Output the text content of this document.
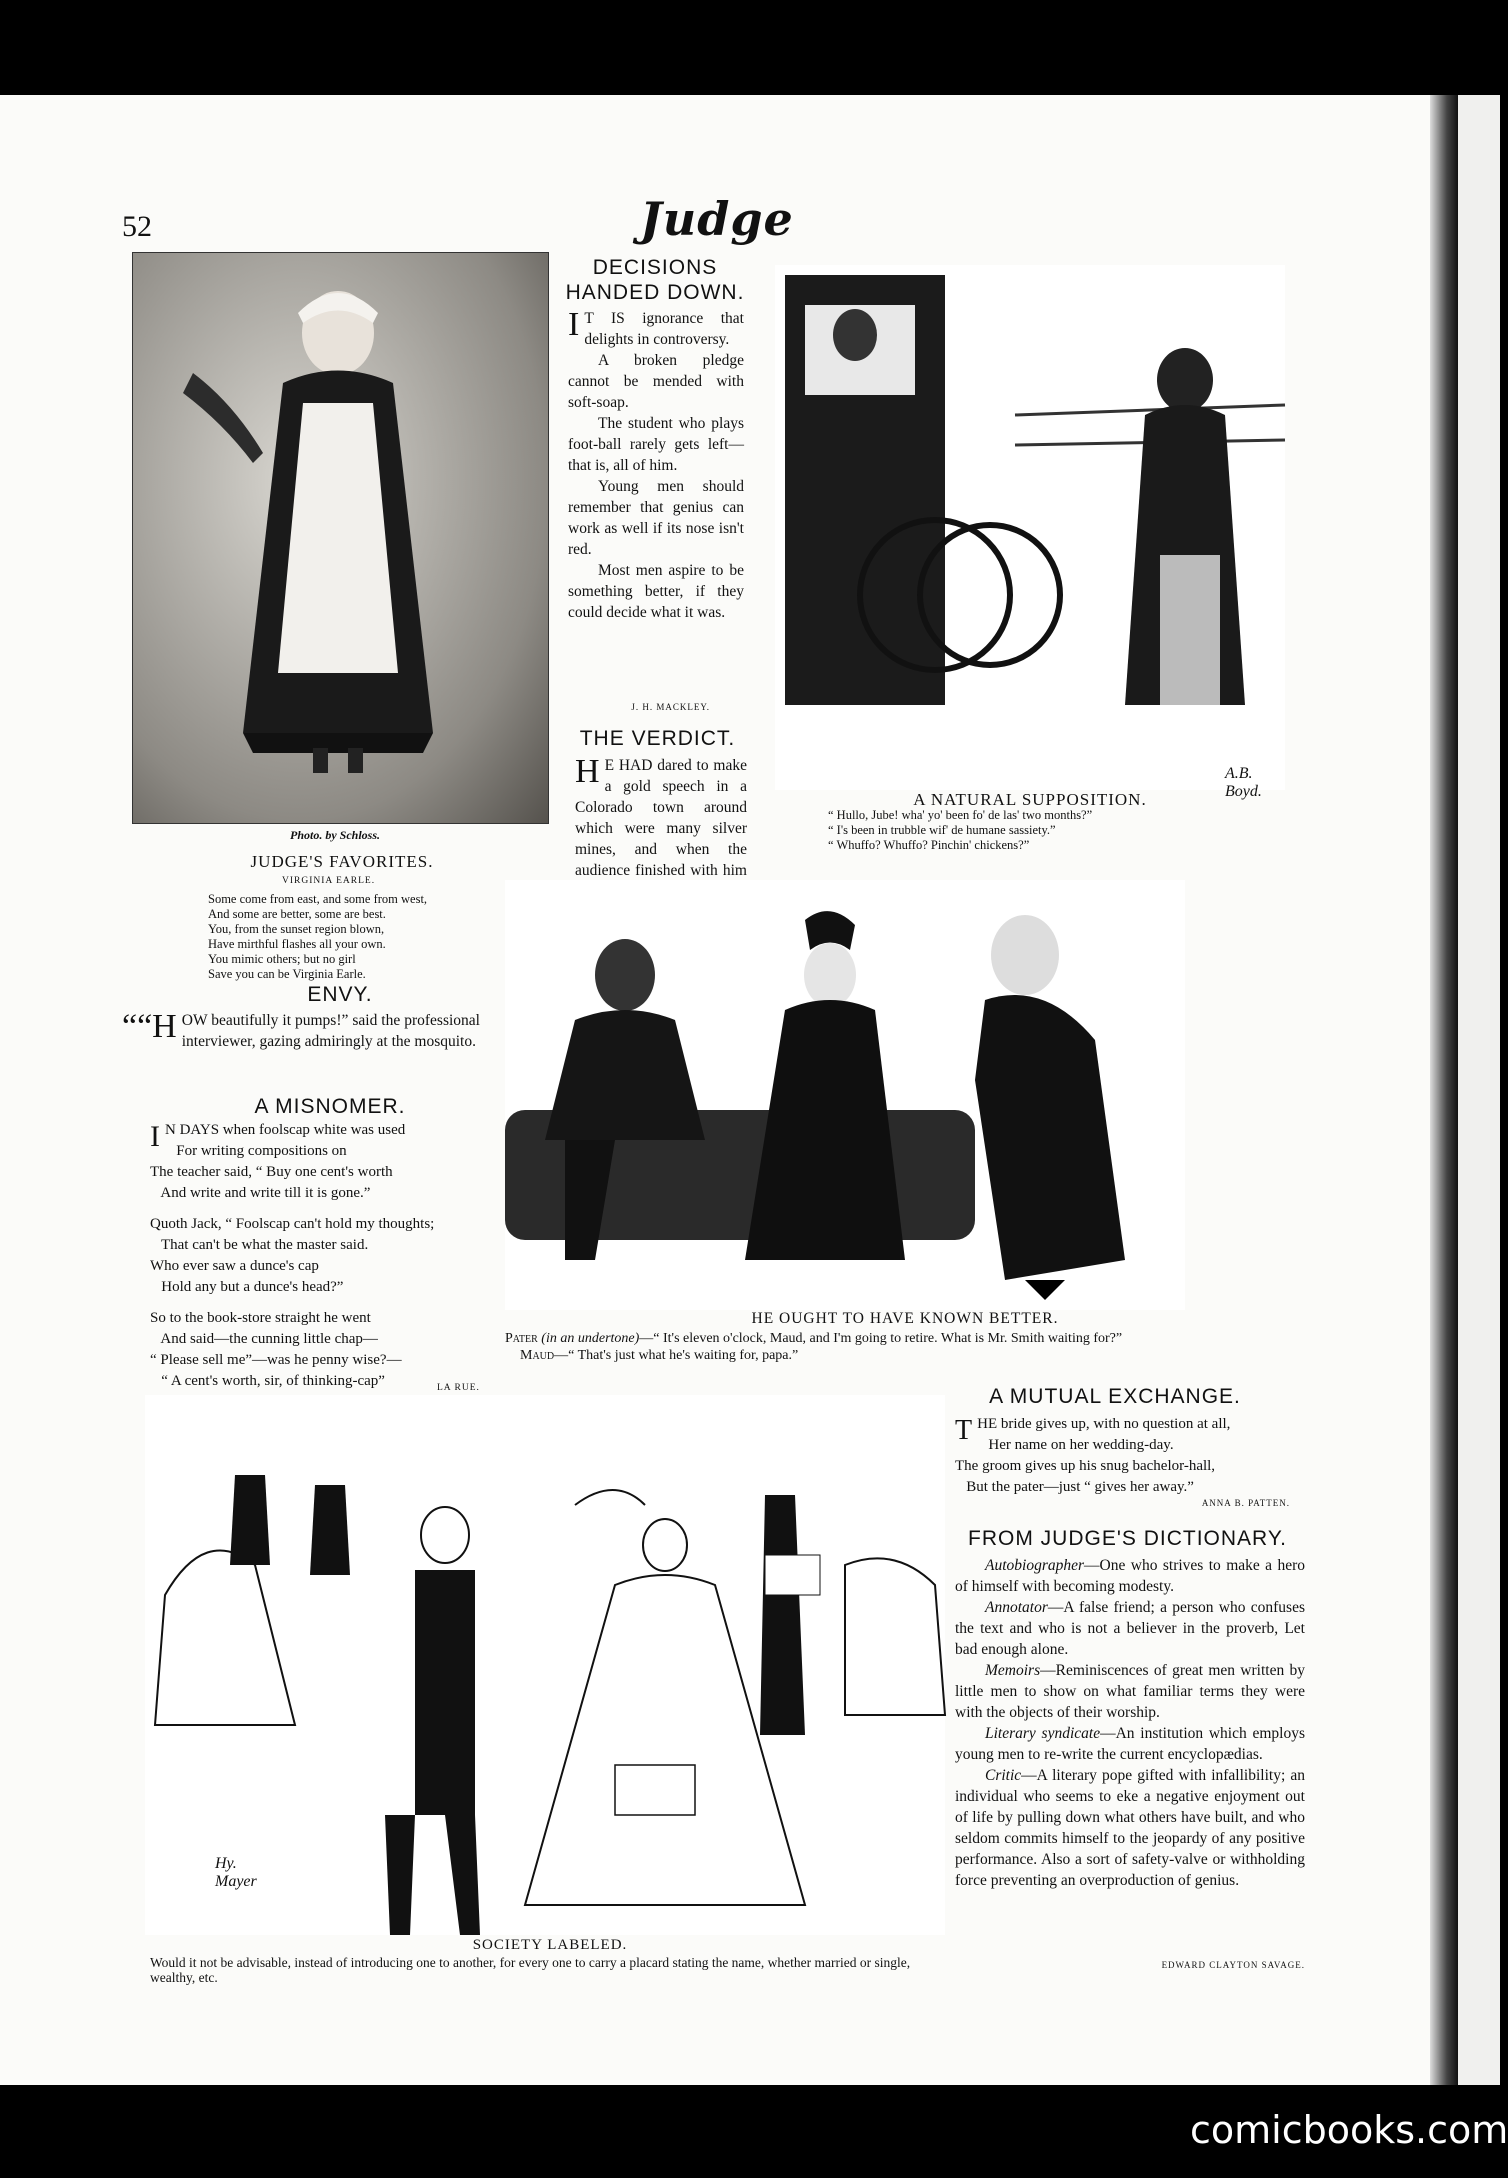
52	Judge
Photo. by Schloss.
JUDGE'S FAVORITES.
VIRGINIA EARLE.
Some come from east, and some from west,
And some are better, some are best.
You, from the sunset region blown,
Have mirthful flashes all your own.
You mimic others; but no girl
Save you can be Virginia Earle.
ENVY.
““H OW beautifully it pumps!” said the professional interviewer, gazing admiringly at the mosquito.
A MISNOMER.
I N DAYS when foolscap white was used
For writing compositions on
The teacher said, “ Buy one cent's worth
And write and write till it is gone.”
Quoth Jack, “ Foolscap can't hold my thoughts;
That can't be what the master said.
Who ever saw a dunce's cap
Hold any but a dunce's head?”
So to the book-store straight he went
And said—the cunning little chap—
“ Please sell me”—was he penny wise?—
“ A cent's worth, sir, of thinking-cap”
DECISIONS HANDED DOWN.

I T IS ignorance that delights in controversy.

A broken pledge cannot be mended with soft-soap.

The student who plays foot-ball rarely gets left—that is, all of him.

Young men should remember that genius can work as well if its nose isn't red.

Most men aspire to be something better, if they could decide what it was.

J. H. MACKLEY.
THE VERDICT.
H E HAD dared to make a gold speech in a Colorado town around which were many silver mines, and when the audience finished with him
A.B. Boyd.
A NATURAL SUPPOSITION.
“ Hullo, Jube! wha' yo' been fo' de las' two months?”
“ I's been in trubble wif' de humane sassiety.”
“ Whuffo? Whuffo? Pinchin' chickens?”
HE OUGHT TO HAVE KNOWN BETTER.
Pater (in an undertone)—“ It's eleven o'clock, Maud, and I'm going to retire. What is Mr. Smith waiting for?”
Maud—“ That's just what he's waiting for, papa.”
LA RUE.
Hy. Mayer
SOCIETY LABELED.
Would it not be advisable, instead of introducing one to another, for every one to carry a placard stating the name, whether married or single, wealthy, etc.
A MUTUAL EXCHANGE.
T HE bride gives up, with no question at all,
Her name on her wedding-day.
The groom gives up his snug bachelor-hall,
But the pater—just “ gives her away.”
ANNA B. PATTEN.
FROM JUDGE'S DICTIONARY.

Autobiographer—One who strives to make a hero of himself with becoming modesty.

Annotator—A false friend; a person who confuses the text and who is not a believer in the proverb, Let bad enough alone.

Memoirs—Reminiscences of great men written by little men to show on what familiar terms they were with the objects of their worship.

Literary syndicate—An institution which employs young men to re-write the current encyclopædias.

Critic—A literary pope gifted with infallibility; an individual who seems to eke a negative enjoyment out of life by pulling down what others have built, and who seldom commits himself to the jeopardy of any positive performance. Also a sort of safety-valve or withholding force preventing an overproduction of genius.

EDWARD CLAYTON SAVAGE.
comicbooks.com
